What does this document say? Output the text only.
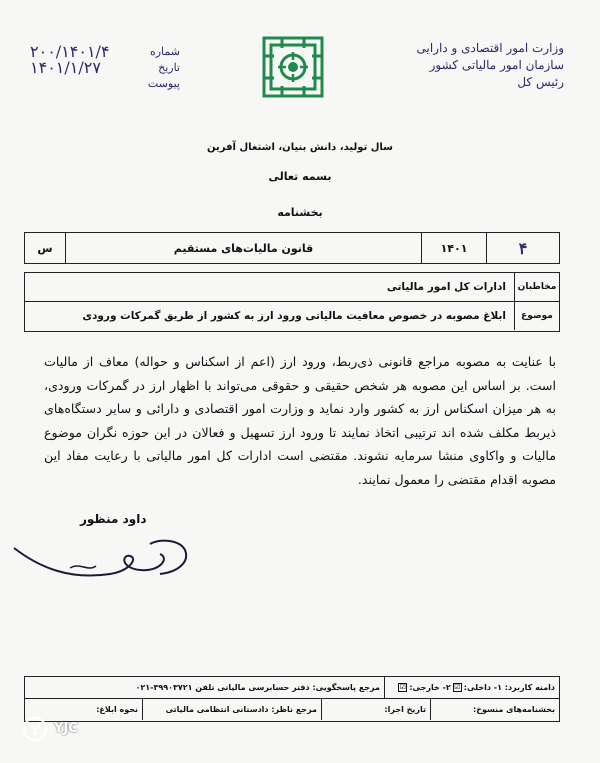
وزارت امور اقتصادی و دارایی
سازمان امور مالیاتی کشور
رئیس کل
۲۰۰/۱۴۰۱/۴	شماره
۱۴۰۱/۱/۲۷	تاریخ
پیوست
سال تولید، دانش بنیان، اشتغال آفرین
بسمه تعالی
بخشنامه
۴
۱۴۰۱
قانون مالیات‌های مستقیم
س
مخاطبان
ادارات کل امور مالیاتی
موضوع
ابلاغ مصوبه در خصوص معافیت مالیاتی ورود ارز به کشور از طریق گمرکات ورودی
با عنایت به مصوبه مراجع قانونی ذی‌ربط، ورود ارز (اعم از اسکناس و حواله) معاف از مالیات است. بر اساس این مصوبه هر شخص حقیقی و حقوقی می‌تواند با اظهار ارز در گمرکات ورودی، به هر میزان اسکناس ارز به کشور وارد نماید و وزارت امور اقتصادی و دارائی و سایر دستگاه‌های ذیربط مکلف شده اند ترتیبی اتخاذ نمایند تا ورود ارز تسهیل و فعالان در این حوزه نگران موضوع مالیات و واکاوی منشا سرمایه نشوند. مقتضی است ادارات کل امور مالیاتی با رعایت مفاد این مصوبه اقدام مقتضی را معمول نمایند.
داود منظور
دامنه کاربرد:

۱- داخلی:
☑
۲- خارجی:
☑
مرجع پاسخگویی:

دفتر حسابرسی مالیاتی تلفن ۳۹۹۰۳۷۲۱-۰۲۱
بخشنامه‌های منسوخ:
تاریخ اجرا:
مرجع ناظر:

دادستانی انتظامی مالیاتی
نحوه ابلاغ:
YJC
